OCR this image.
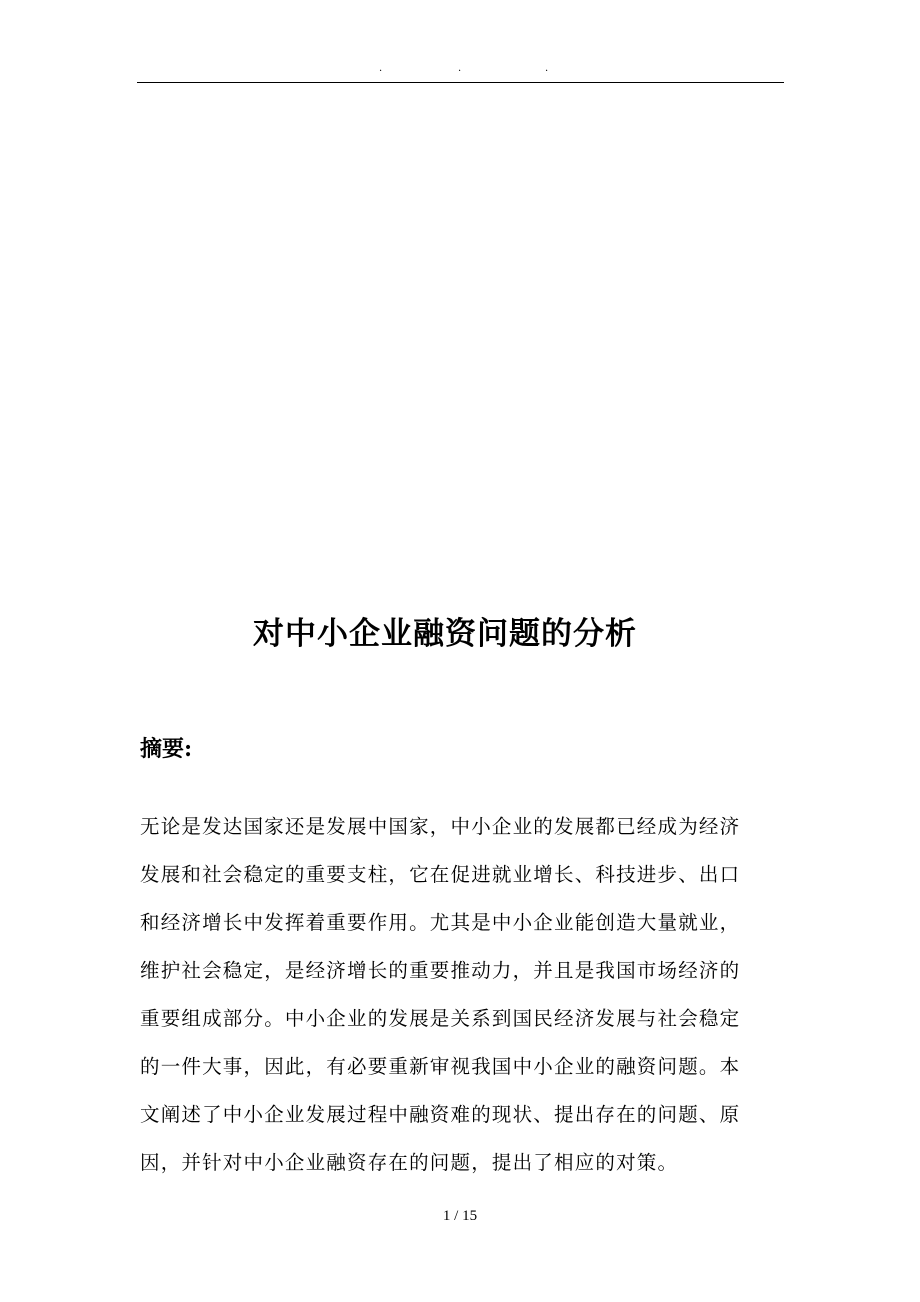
.	.	.
对中小企业融资问题的分析
摘要:

无论是发达国家还是发展中国家，中小企业的发展都已经成为经济
发展和社会稳定的重要支柱，它在促进就业增长、科技进步、出口
和经济增长中发挥着重要作用。尤其是中小企业能创造大量就业，
维护社会稳定，是经济增长的重要推动力，并且是我国市场经济的
重要组成部分。中小企业的发展是关系到国民经济发展与社会稳定
的一件大事，因此，有必要重新审视我国中小企业的融资问题。本
文阐述了中小企业发展过程中融资难的现状、提出存在的问题、原
因，并针对中小企业融资存在的问题，提出了相应的对策。

1 / 15
